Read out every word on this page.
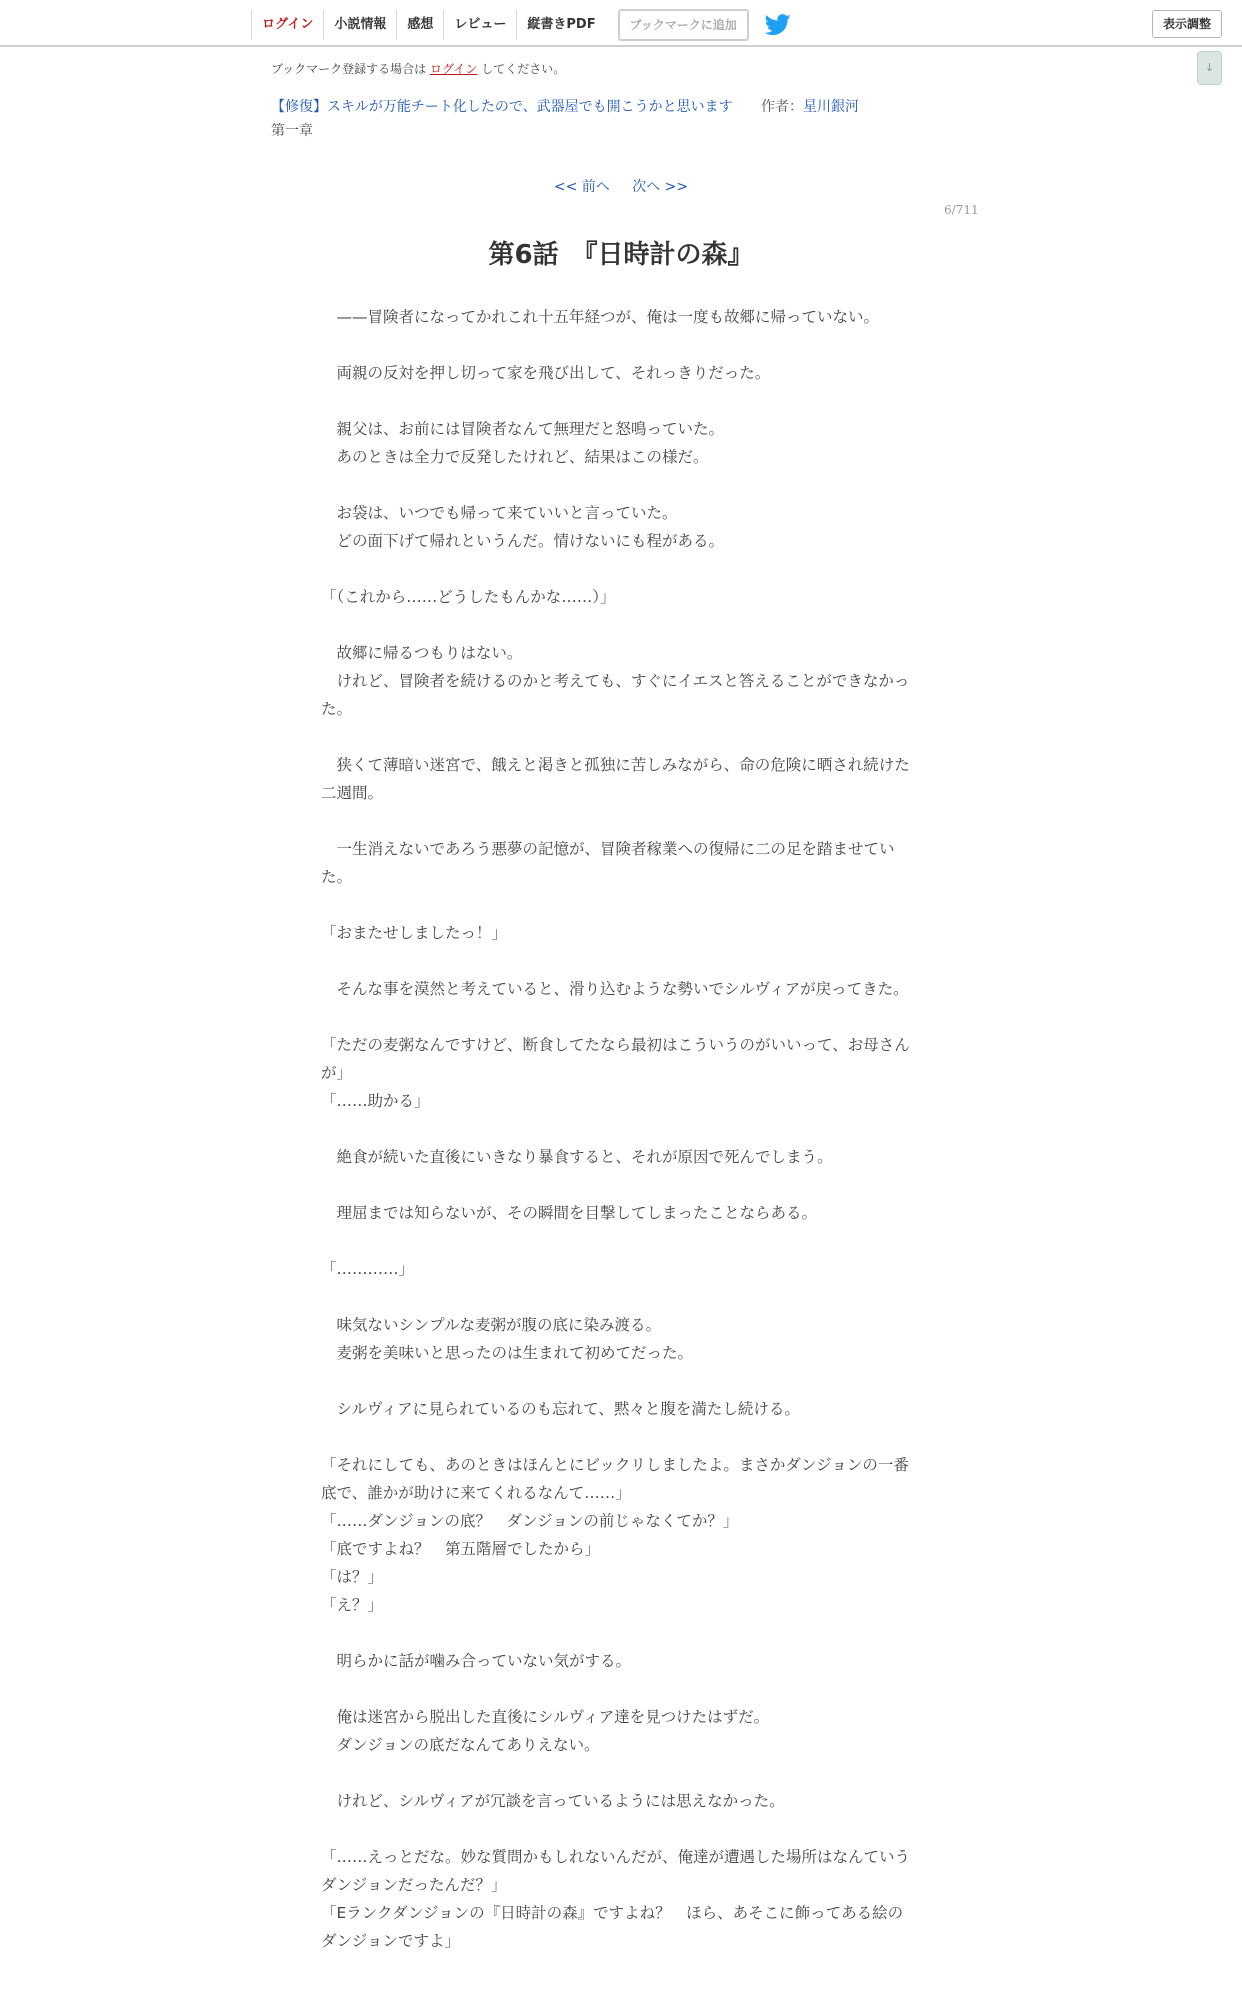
ログイン	小説情報	感想	レビュー	縦書きPDF	ブックマークに追加	表示調整
↓
ブックマーク登録する場合は ログイン してください。
【修復】スキルが万能チート化したので、武器屋でも開こうかと思います 作者：星川銀河
第一章
<< 前へ 次へ >>
6/711
第6話　『日時計の森』

　——冒険者になってかれこれ十五年経つが、俺は一度も故郷に帰っていない。

　両親の反対を押し切って家を飛び出して、それっきりだった。

　親父は、お前には冒険者なんて無理だと怒鳴っていた。

　あのときは全力で反発したけれど、結果はこの様だ。

　お袋は、いつでも帰って来ていいと言っていた。

　どの面下げて帰れというんだ。情けないにも程がある。

「（これから……どうしたもんかな……）」

　故郷に帰るつもりはない。

　けれど、冒険者を続けるのかと考えても、すぐにイエスと答えることができなかった。

　狭くて薄暗い迷宮で、餓えと渇きと孤独に苦しみながら、命の危険に晒され続けた二週間。

　一生消えないであろう悪夢の記憶が、冒険者稼業への復帰に二の足を踏ませていた。

「おまたせしましたっ！」

　そんな事を漠然と考えていると、滑り込むような勢いでシルヴィアが戻ってきた。

「ただの麦粥なんですけど、断食してたなら最初はこういうのがいいって、お母さんが」

「……助かる」

　絶食が続いた直後にいきなり暴食すると、それが原因で死んでしまう。

　理屈までは知らないが、その瞬間を目撃してしまったことならある。

「…………」

　味気ないシンプルな麦粥が腹の底に染み渡る。

　麦粥を美味いと思ったのは生まれて初めてだった。

　シルヴィアに見られているのも忘れて、黙々と腹を満たし続ける。

「それにしても、あのときはほんとにビックリしましたよ。まさかダンジョンの一番底で、誰かが助けに来てくれるなんて……」

「……ダンジョンの底？　ダンジョンの前じゃなくてか？」

「底ですよね？　第五階層でしたから」

「は？」

「え？」

　明らかに話が噛み合っていない気がする。

　俺は迷宮から脱出した直後にシルヴィア達を見つけたはずだ。

　ダンジョンの底だなんてありえない。

　けれど、シルヴィアが冗談を言っているようには思えなかった。

「……えっとだな。妙な質問かもしれないんだが、俺達が遭遇した場所はなんていうダンジョンだったんだ？」

「Eランクダンジョンの『日時計の森』ですよね？　ほら、あそこに飾ってある絵のダンジョンですよ」
